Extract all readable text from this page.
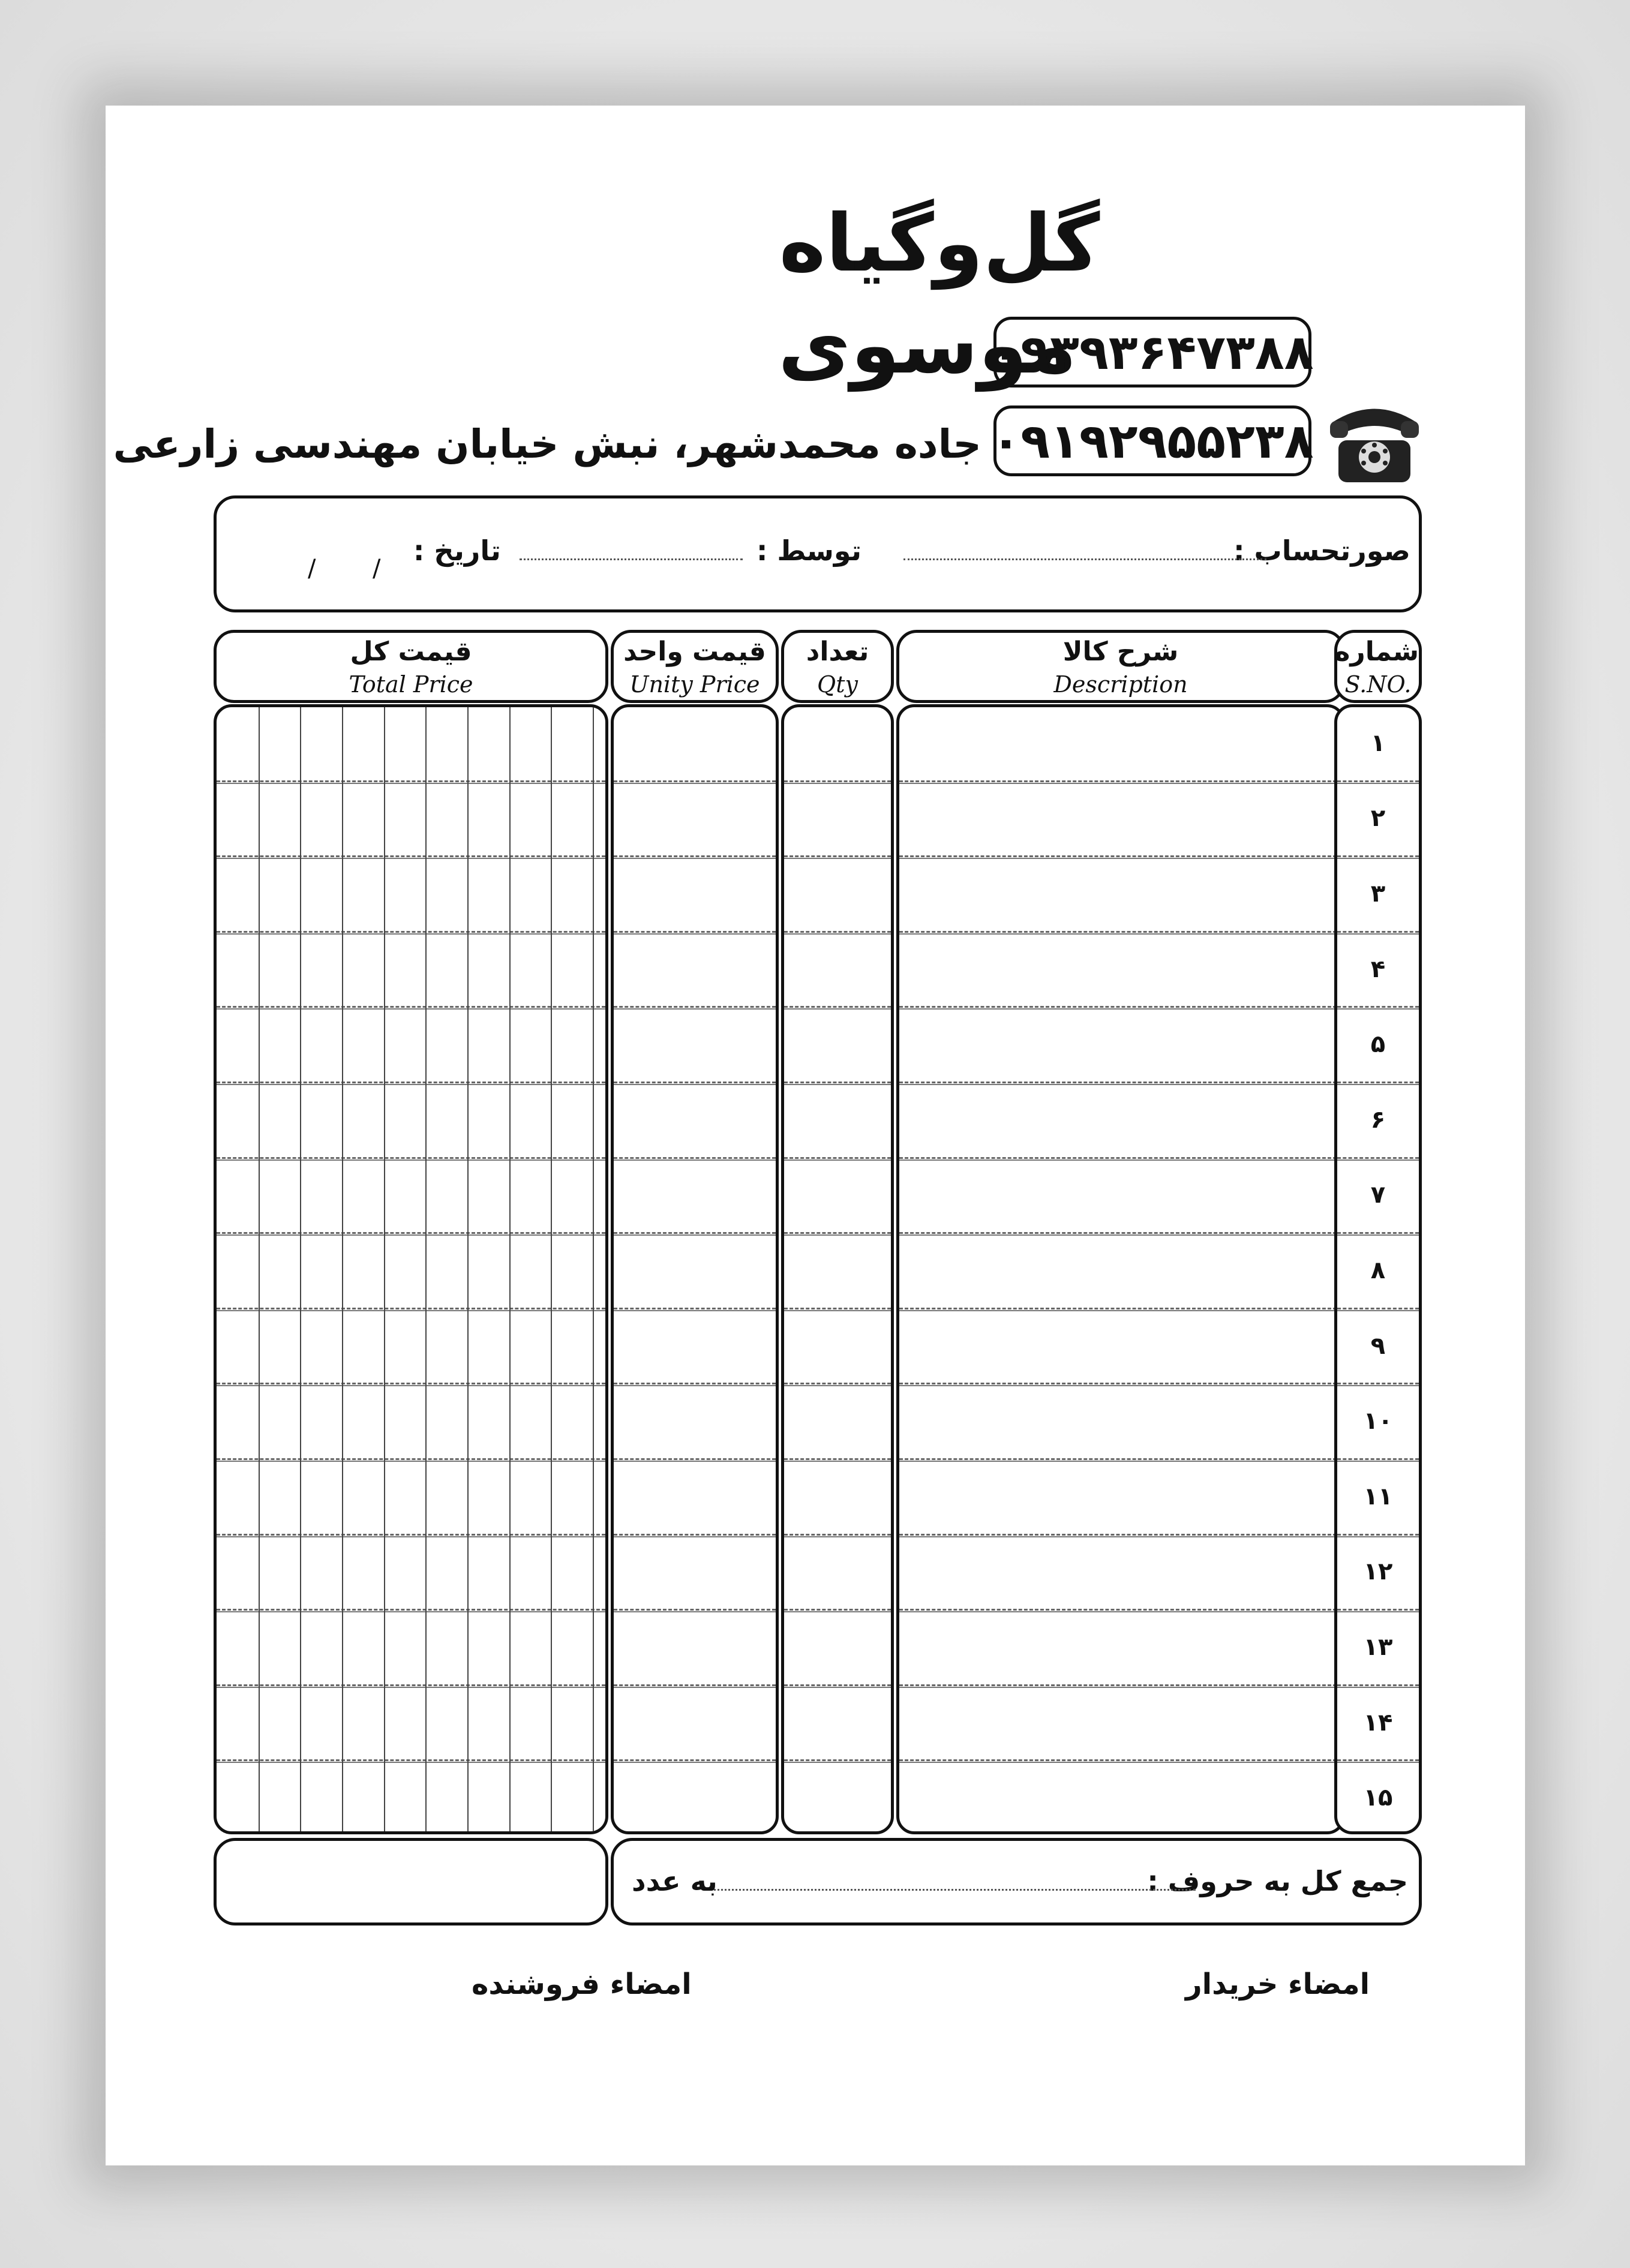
گل‌وگیاه
موسوی
جاده محمدشهر، نبش خیابان مهندسی زارعی
۰۹۳۹۳۶۴۷۳۸۸
۰۹۱۹۲۹۵۵۲۳۸
صورتحساب :
توسط :
تاریخ :
/
/
قیمت کل
Total Price
قیمت واحد
Unity Price
تعداد
Qty
شرح کالا
Description
شماره
S.NO.
۱
۲
۳
۴
۵
۶
۷
۸
۹
۱۰
۱۱
۱۲
۱۳
۱۴
۱۵
جمع کل به حروف :
به عدد
امضاء خریدار
امضاء فروشنده
